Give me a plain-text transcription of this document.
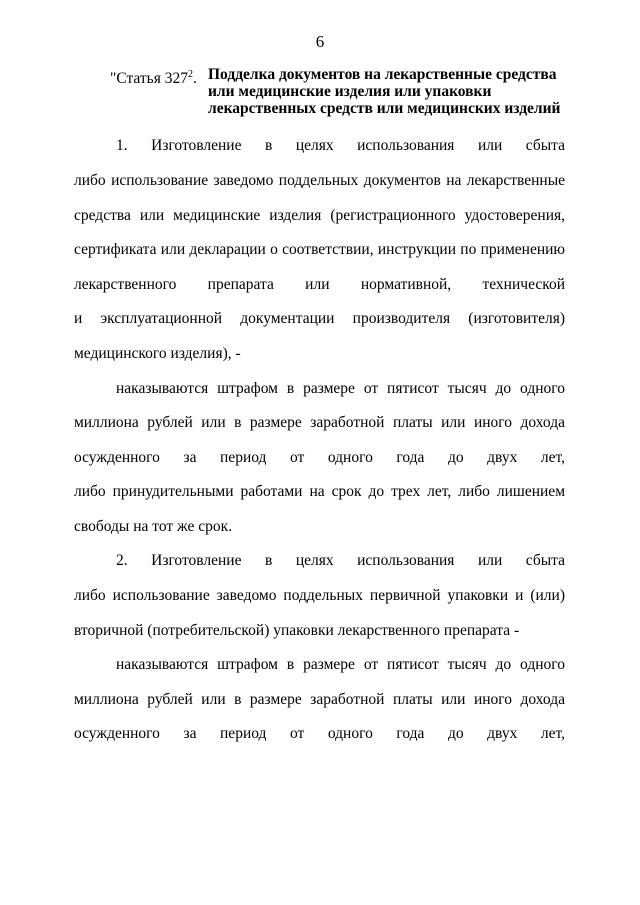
6
"Статья $327^2$. Подделка документов на лекарственные средства
или медицинские изделия или упаковки
лекарственных средств или медицинских изделий
1. Изготовление в целях использования или сбыта
либо использование заведомо поддельных документов на лекарственные
средства или медицинские изделия (регистрационного удостоверения,
сертификата или декларации о соответствии, инструкции по применению
лекарственного препарата или нормативной, технической
и эксплуатационной документации производителя (изготовителя)
медицинского изделия), -
наказываются штрафом в размере от пятисот тысяч до одного
миллиона рублей или в размере заработной платы или иного дохода
осужденного за период от одного года до двух лет,
либо принудительными работами на срок до трех лет, либо лишением
свободы на тот же срок.
2. Изготовление в целях использования или сбыта
либо использование заведомо поддельных первичной упаковки и (или)
вторичной (потребительской) упаковки лекарственного препарата -
наказываются штрафом в размере от пятисот тысяч до одного
миллиона рублей или в размере заработной платы или иного дохода
осужденного за период от одного года до двух лет,
